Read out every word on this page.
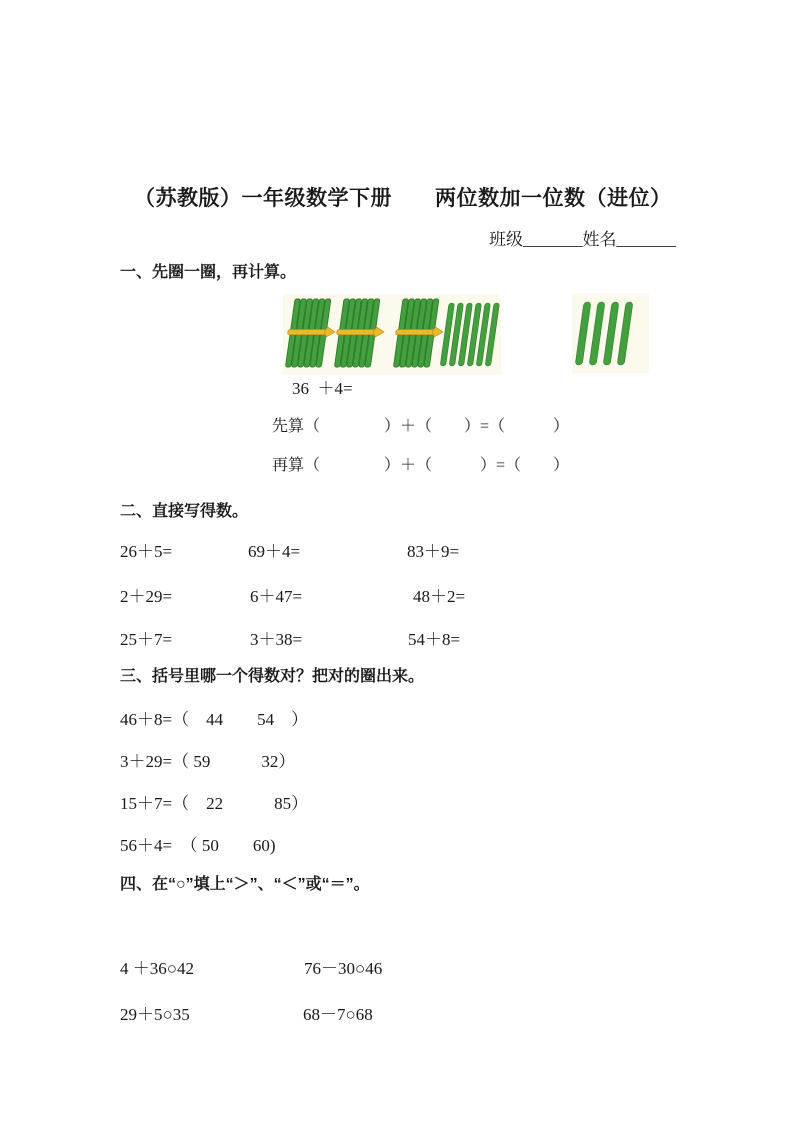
（苏教版）一年级数学下册　　两位数加一位数（进位）
班级_______姓名_______
一、先圈一圈，再计算。
36  ＋4=
先算（　　　　）＋（　　）=（　　　）
再算（　　　　）＋（　　　）=（　　）
二、直接写得数。
26＋5=	69＋4=	83＋9=
2＋29=	6＋47=	48＋2=
25＋7=	3＋38=	54＋8=
三、括号里哪一个得数对？把对的圈出来。
46＋8=（　44　　54　）
3＋29=（ 59　　　32）
15＋7=（　22　　　85）
56＋4=　（ 50　　60)
四、在“○”填上“＞”、“＜”或“＝”。
4 ＋36○42	76－30○46
29＋5○35	68－7○68
